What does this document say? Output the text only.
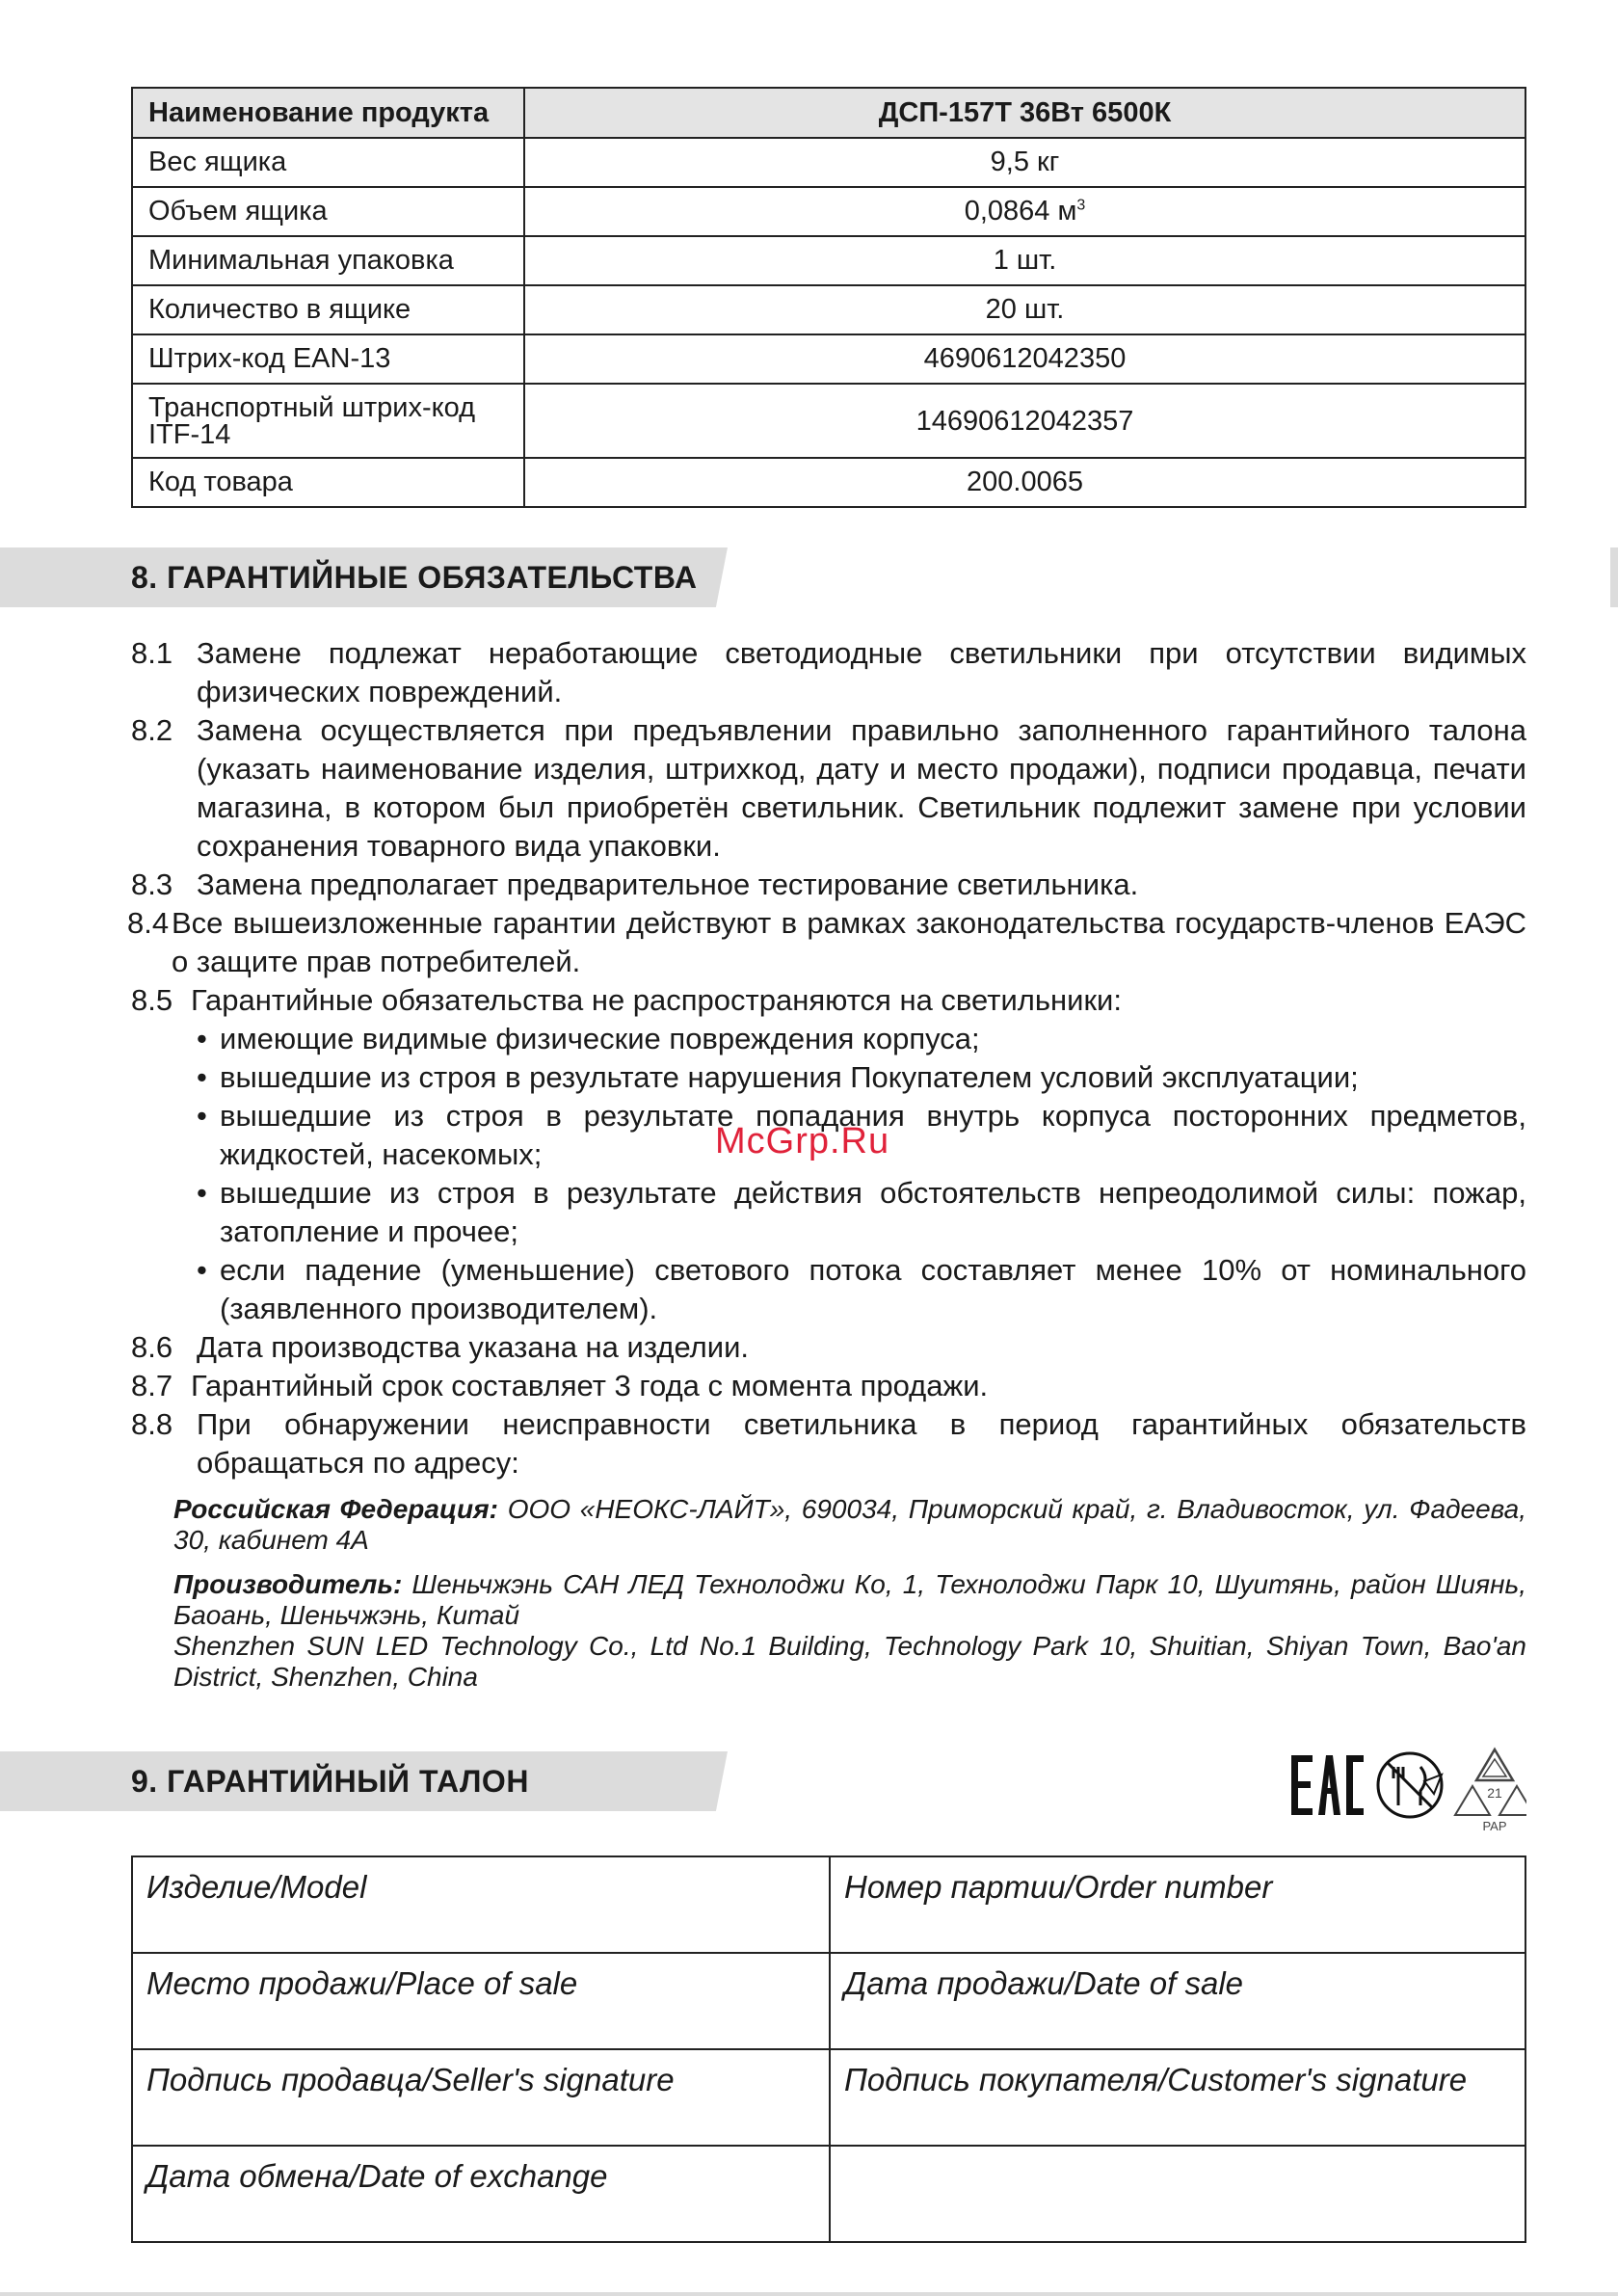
Наименование продукта	ДСП-157Т 36Вт 6500К
Вес ящика	9,5 кг
Объем ящика	0,0864 $м^3$
Минимальная упаковка	1 шт.
Количество в ящике	20 шт.
Штрих-код EAN-13	4690612042350
Транспортный штрих-код ITF-14	14690612042357
Код товара	200.0065
8. ГАРАНТИЙНЫЕ ОБЯЗАТЕЛЬСТВА
8.1 Замене подлежат неработающие светодиодные светильники при отсутствии видимых физических повреждений.
8.2 Замена осуществляется при предъявлении правильно заполненного гарантийного талона (указать наименование изделия, штрихкод, дату и место продажи), подписи продавца, печати магазина, в котором был приобретён светильник. Светильник подлежит замене при условии сохранения товарного вида упаковки.
8.3 Замена предполагает предварительное тестирование светильника.
8.4 Все вышеизложенные гарантии действуют в рамках законодательства государств-членов ЕАЭС о защите прав потребителей.
8.5 Гарантийные обязательства не распространяются на светильники:
• имеющие видимые физические повреждения корпуса;
• вышедшие из строя в результате нарушения Покупателем условий эксплуатации;
• вышедшие из строя в результате попадания внутрь корпуса посторонних предметов, жидкостей, насекомых;
• вышедшие из строя в результате действия обстоятельств непреодолимой силы: пожар, затопление и прочее;
• если падение (уменьшение) светового потока составляет менее 10% от номинального (заявленного производителем).
8.6 Дата производства указана на изделии.
8.7 Гарантийный срок составляет 3 года с момента продажи.
8.8 При обнаружении неисправности светильника в период гарантийных обязательств обращаться по адресу:
McGrp.Ru

Российская Федерация: ООО «НЕОКС-ЛАЙТ», 690034, Приморский край, г. Владивосток, ул. Фадеева, 30, кабинет 4А

Производитель: Шеньчжэнь САН ЛЕД Технолоджи Ко, 1, Технолоджи Парк 10, Шуитянь, район Шиянь, Баоань, Шеньчжэнь, Китай
Shenzhen SUN LED Technology Co., Ltd No.1 Building, Technology Park 10, Shuitian, Shiyan Town, Bao'an District, Shenzhen, China

9. ГАРАНТИЙНЫЙ ТАЛОН	21
PAP
Изделие/Model	Номер партии/Order number
Место продажи/Place of sale	Дата продажи/Date of sale
Подпись продавца/Seller's signature	Подпись покупателя/Customer's signature
Дата обмена/Date of exchange	
